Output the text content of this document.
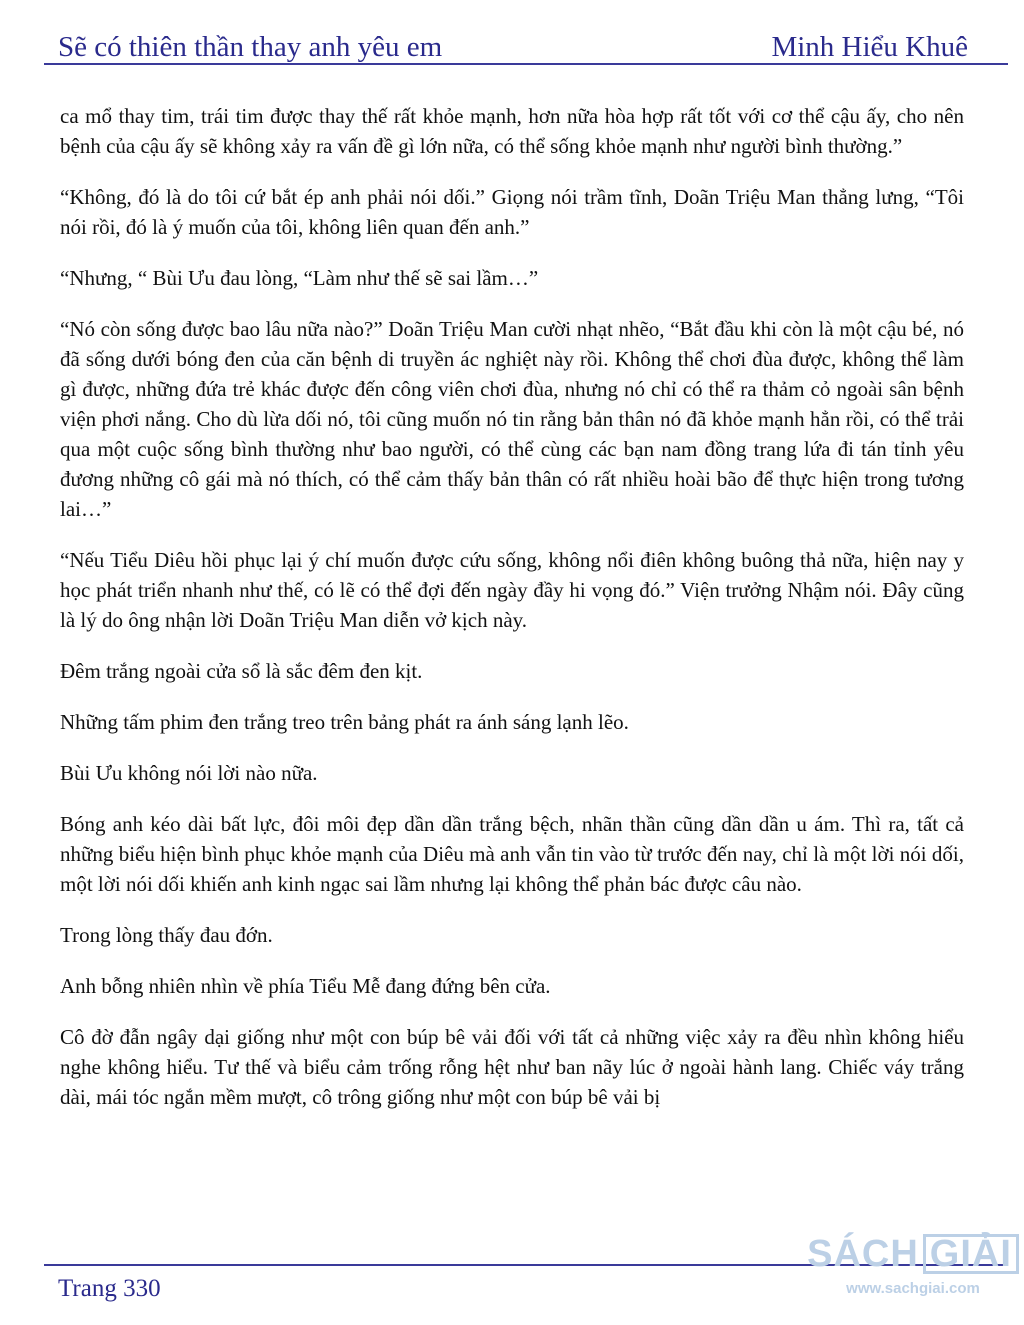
Sẽ có thiên thần thay anh yêu em	Minh Hiểu Khuê

ca mổ thay tim, trái tim được thay thế rất khỏe mạnh, hơn nữa hòa hợp rất tốt với cơ thể cậu ấy, cho nên bệnh của cậu ấy sẽ không xảy ra vấn đề gì lớn nữa, có thể sống khỏe mạnh như người bình thường.”

“Không, đó là do tôi cứ bắt ép anh phải nói dối.” Giọng nói trầm tĩnh, Doãn Triệu Man thẳng lưng, “Tôi nói rồi, đó là ý muốn của tôi, không liên quan đến anh.”

“Nhưng, “ Bùi Ưu đau lòng, “Làm như thế sẽ sai lầm…”

“Nó còn sống được bao lâu nữa nào?” Doãn Triệu Man cười nhạt nhẽo, “Bắt đầu khi còn là một cậu bé, nó đã sống dưới bóng đen của căn bệnh di truyền ác nghiệt này rồi. Không thể chơi đùa được, không thể làm gì được, những đứa trẻ khác được đến công viên chơi đùa, nhưng nó chỉ có thể ra thảm cỏ ngoài sân bệnh viện phơi nắng. Cho dù lừa dối nó, tôi cũng muốn nó tin rằng bản thân nó đã khỏe mạnh hẳn rồi, có thể trải qua một cuộc sống bình thường như bao người, có thể cùng các bạn nam đồng trang lứa đi tán tỉnh yêu đương những cô gái mà nó thích, có thể cảm thấy bản thân có rất nhiều hoài bão để thực hiện trong tương lai…”

“Nếu Tiểu Diêu hồi phục lại ý chí muốn được cứu sống, không nổi điên không buông thả nữa, hiện nay y học phát triển nhanh như thế, có lẽ có thể đợi đến ngày đầy hi vọng đó.” Viện trưởng Nhậm nói. Đây cũng là lý do ông nhận lời Doãn Triệu Man diễn vở kịch này.

Đêm trắng ngoài cửa sổ là sắc đêm đen kịt.

Những tấm phim đen trắng treo trên bảng phát ra ánh sáng lạnh lẽo.

Bùi Ưu không nói lời nào nữa.

Bóng anh kéo dài bất lực, đôi môi đẹp dần dần trắng bệch, nhãn thần cũng dần dần u ám. Thì ra, tất cả những biểu hiện bình phục khỏe mạnh của Diêu mà anh vẫn tin vào từ trước đến nay, chỉ là một lời nói dối, một lời nói dối khiến anh kinh ngạc sai lầm nhưng lại không thể phản bác được câu nào.

Trong lòng thấy đau đớn.

Anh bỗng nhiên nhìn về phía Tiểu Mễ đang đứng bên cửa.

Cô đờ đẫn ngây dại giống như một con búp bê vải đối với tất cả những việc xảy ra đều nhìn không hiểu nghe không hiểu. Tư thế và biểu cảm trống rỗng hệt như ban nãy lúc ở ngoài hành lang. Chiếc váy trắng dài, mái tóc ngắn mềm mượt, cô trông giống như một con búp bê vải bị

Trang 330
SÁCH GIẢI
www.sachgiai.com
